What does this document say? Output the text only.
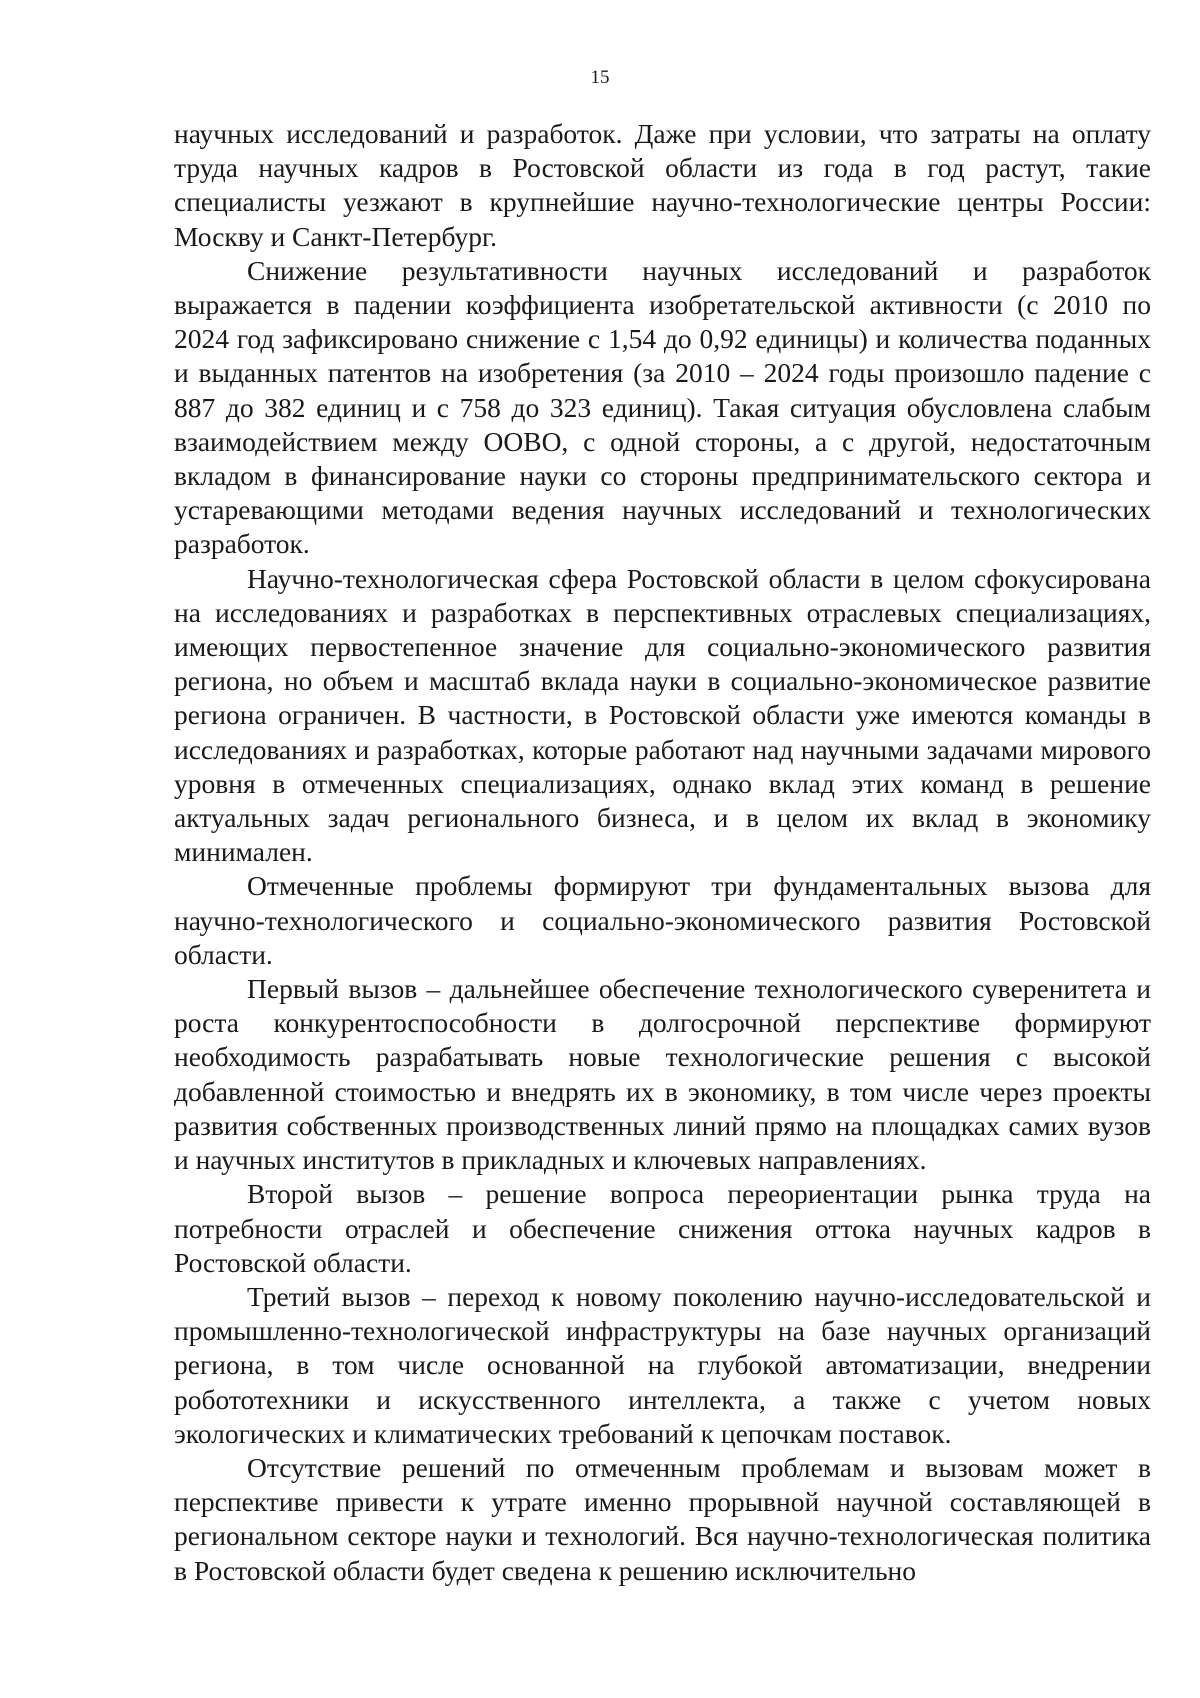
15

научных исследований и разработок. Даже при условии, что затраты на оплату труда научных кадров в Ростовской области из года в год растут, такие специалисты уезжают в крупнейшие научно-технологические центры России: Москву и Санкт-Петербург.

Снижение результативности научных исследований и разработок выражается в падении коэффициента изобретательской активности (с 2010 по 2024 год зафиксировано снижение с 1,54 до 0,92 единицы) и количества поданных и выданных патентов на изобретения (за 2010 – 2024 годы произошло падение с 887 до 382 единиц и с 758 до 323 единиц). Такая ситуация обусловлена слабым взаимодействием между ООВО, с одной стороны, а с другой, недостаточным вкладом в финансирование науки со стороны предпринимательского сектора и устаревающими методами ведения научных исследований и технологических разработок.

Научно-технологическая сфера Ростовской области в целом сфокусирована на исследованиях и разработках в перспективных отраслевых специализациях, имеющих первостепенное значение для социально-экономического развития региона, но объем и масштаб вклада науки в социально-экономическое развитие региона ограничен. В частности, в Ростовской области уже имеются команды в исследованиях и разработках, которые работают над научными задачами мирового уровня в отмеченных специализациях, однако вклад этих команд в решение актуальных задач регионального бизнеса, и в целом их вклад в экономику минимален.

Отмеченные проблемы формируют три фундаментальных вызова для научно-технологического и социально-экономического развития Ростовской области.

Первый вызов – дальнейшее обеспечение технологического суверенитета и роста конкурентоспособности в долгосрочной перспективе формируют необходимость разрабатывать новые технологические решения с высокой добавленной стоимостью и внедрять их в экономику, в том числе через проекты развития собственных производственных линий прямо на площадках самих вузов и научных институтов в прикладных и ключевых направлениях.

Второй вызов – решение вопроса переориентации рынка труда на потребности отраслей и обеспечение снижения оттока научных кадров в Ростовской области.

Третий вызов – переход к новому поколению научно-исследовательской и промышленно-технологической инфраструктуры на базе научных организаций региона, в том числе основанной на глубокой автоматизации, внедрении робототехники и искусственного интеллекта, а также с учетом новых экологических и климатических требований к цепочкам поставок.

Отсутствие решений по отмеченным проблемам и вызовам может в перспективе привести к утрате именно прорывной научной составляющей в региональном секторе науки и технологий. Вся научно-технологическая политика в Ростовской области будет сведена к решению исключительно
